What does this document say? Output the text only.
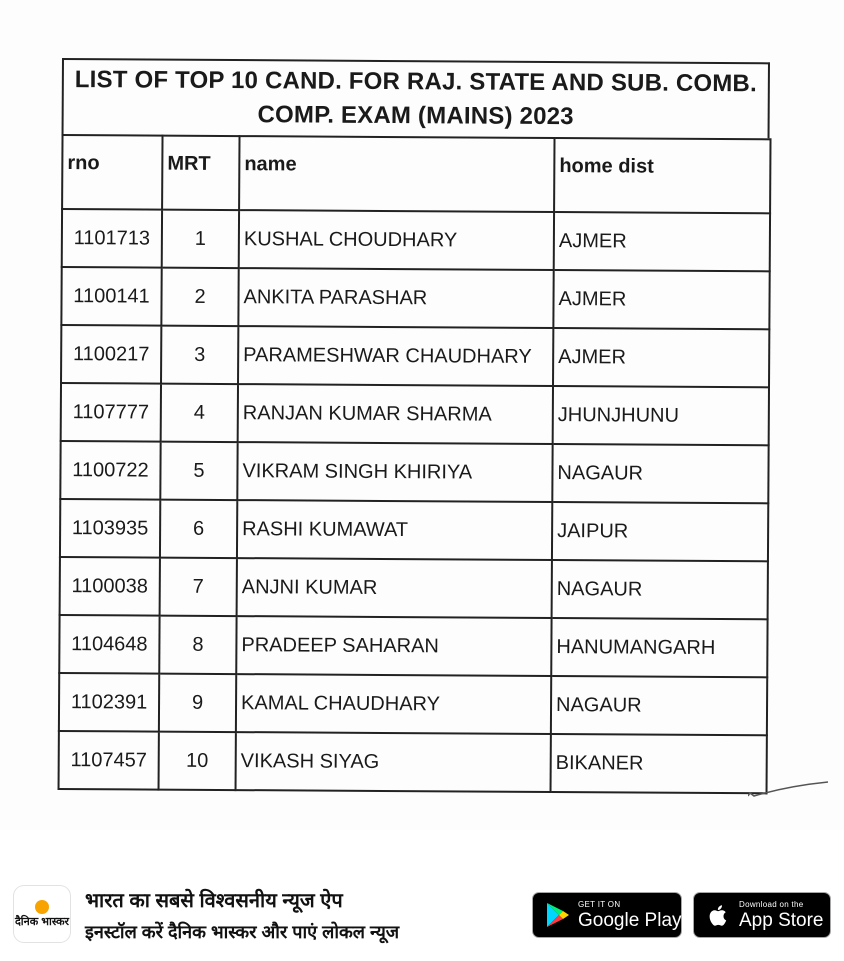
LIST OF TOP 10 CAND. FOR RAJ. STATE AND SUB. COMB.
COMP. EXAM (MAINS) 2023
rno	MRT	name	home dist
1101713	1	KUSHAL CHOUDHARY	AJMER
1100141	2	ANKITA PARASHAR	AJMER
1100217	3	PARAMESHWAR CHAUDHARY	AJMER
1107777	4	RANJAN KUMAR SHARMA	JHUNJHUNU
1100722	5	VIKRAM SINGH KHIRIYA	NAGAUR
1103935	6	RASHI KUMAWAT	JAIPUR
1100038	7	ANJNI KUMAR	NAGAUR
1104648	8	PRADEEP SAHARAN	HANUMANGARH
1102391	9	KAMAL CHAUDHARY	NAGAUR
1107457	10	VIKASH SIYAG	BIKANER
दैनिक भास्कर
भारत का सबसे विश्वसनीय न्यूज ऐप
इनस्टॉल करें दैनिक भास्कर और पाएं लोकल न्यूज
GET IT ON
Google Play
Download on the
App Store
